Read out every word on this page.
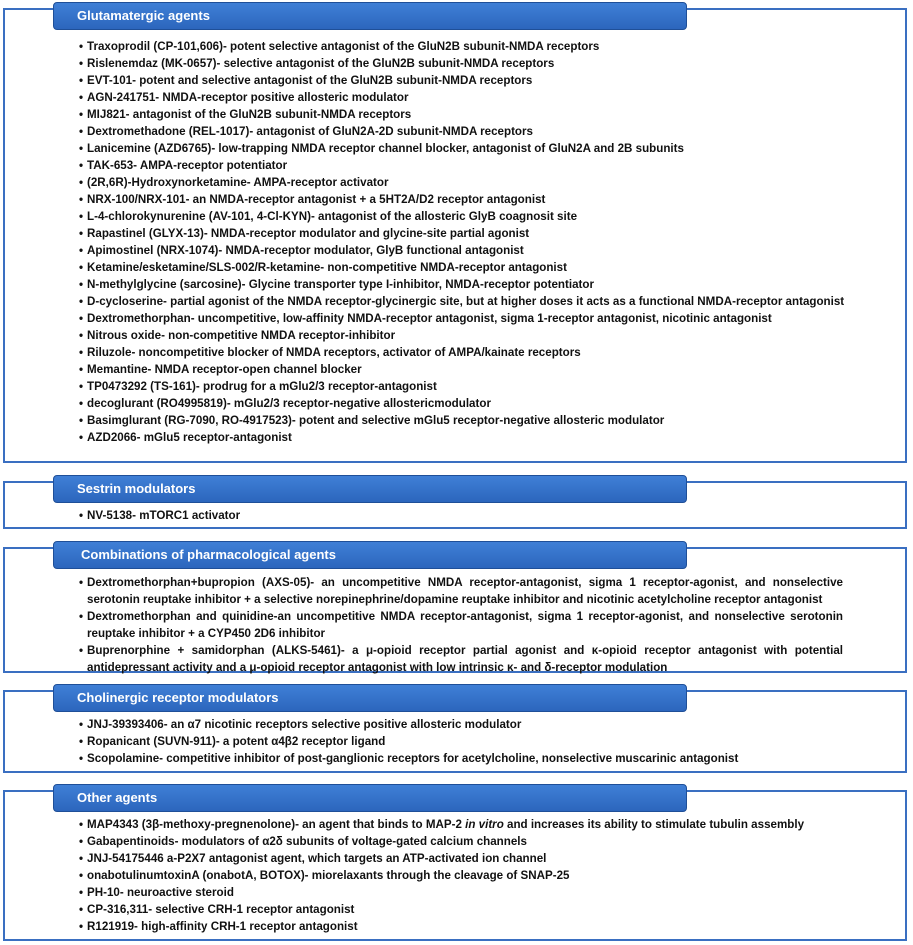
Glutamatergic agents
• Traxoprodil (CP-101,606)- potent selective antagonist of the GluN2B subunit-NMDA receptors
• Rislenemdaz (MK-0657)- selective antagonist of the GluN2B subunit-NMDA receptors
• EVT-101- potent and selective antagonist of the GluN2B subunit-NMDA receptors
• AGN-241751- NMDA-receptor positive allosteric modulator
• MIJ821- antagonist of the GluN2B subunit-NMDA receptors
• Dextromethadone (REL-1017)- antagonist of GluN2A-2D subunit-NMDA receptors
• Lanicemine (AZD6765)- low-trapping NMDA receptor channel blocker, antagonist of GluN2A and 2B subunits
• TAK-653- AMPA-receptor potentiator
• (2R,6R)-Hydroxynorketamine- AMPA-receptor activator
• NRX-100/NRX-101- an NMDA-receptor antagonist + a 5HT2A/D2 receptor antagonist
• L-4-chlorokynurenine (AV-101, 4-Cl-KYN)- antagonist of the allosteric GlyB coagnosit site
• Rapastinel (GLYX-13)- NMDA-receptor modulator and glycine-site partial agonist
• Apimostinel (NRX-1074)- NMDA-receptor modulator, GlyB functional antagonist
• Ketamine/esketamine/SLS-002/R-ketamine- non-competitive NMDA-receptor antagonist
• N-methylglycine (sarcosine)- Glycine transporter type I-inhibitor, NMDA-receptor potentiator
• D-cycloserine- partial agonist of the NMDA receptor-glycinergic site, but at higher doses it acts as a functional NMDA-receptor antagonist
• Dextromethorphan- uncompetitive, low-affinity NMDA-receptor antagonist, sigma 1-receptor antagonist, nicotinic antagonist
• Nitrous oxide- non-competitive NMDA receptor-inhibitor
• Riluzole- noncompetitive blocker of NMDA receptors, activator of AMPA/kainate receptors
• Memantine- NMDA receptor-open channel blocker
• TP0473292 (TS-161)- prodrug for a mGlu2/3 receptor-antagonist
• decoglurant (RO4995819)- mGlu2/3 receptor-negative allostericmodulator
• Basimglurant (RG-7090, RO-4917523)- potent and selective mGlu5 receptor-negative allosteric modulator
• AZD2066- mGlu5 receptor-antagonist
Sestrin modulators
• NV-5138- mTORC1 activator
Combinations of pharmacological agents
• Dextromethorphan+bupropion (AXS-05)- an uncompetitive NMDA receptor-antagonist, sigma 1 receptor-agonist, and nonselective
serotonin reuptake inhibitor + a selective norepinephrine/dopamine reuptake inhibitor and nicotinic acetylcholine receptor antagonist
• Dextromethorphan and quinidine-an uncompetitive NMDA receptor-antagonist, sigma 1 receptor-agonist, and nonselective serotonin
reuptake inhibitor + a CYP450 2D6 inhibitor
• Buprenorphine + samidorphan (ALKS-5461)- a μ-opioid receptor partial agonist and κ-opioid receptor antagonist with potential
antidepressant activity and a μ-opioid receptor antagonist with low intrinsic κ- and δ-receptor modulation
Cholinergic receptor modulators
• JNJ-39393406- an α7 nicotinic receptors selective positive allosteric modulator
• Ropanicant (SUVN-911)- a potent α4β2 receptor ligand
• Scopolamine- competitive inhibitor of post-ganglionic receptors for acetylcholine, nonselective muscarinic antagonist
Other agents
• MAP4343 (3β-methoxy-pregnenolone)- an agent that binds to MAP-2 in vitro and increases its ability to stimulate tubulin assembly
• Gabapentinoids- modulators of α2δ subunits of voltage-gated calcium channels
• JNJ-54175446 a-P2X7 antagonist agent, which targets an ATP-activated ion channel
• onabotulinumtoxinA (onabotA, BOTOX)- miorelaxants through the cleavage of SNAP-25
• PH-10- neuroactive steroid
• CP-316,311- selective CRH-1 receptor antagonist
• R121919- high-affinity CRH-1 receptor antagonist
